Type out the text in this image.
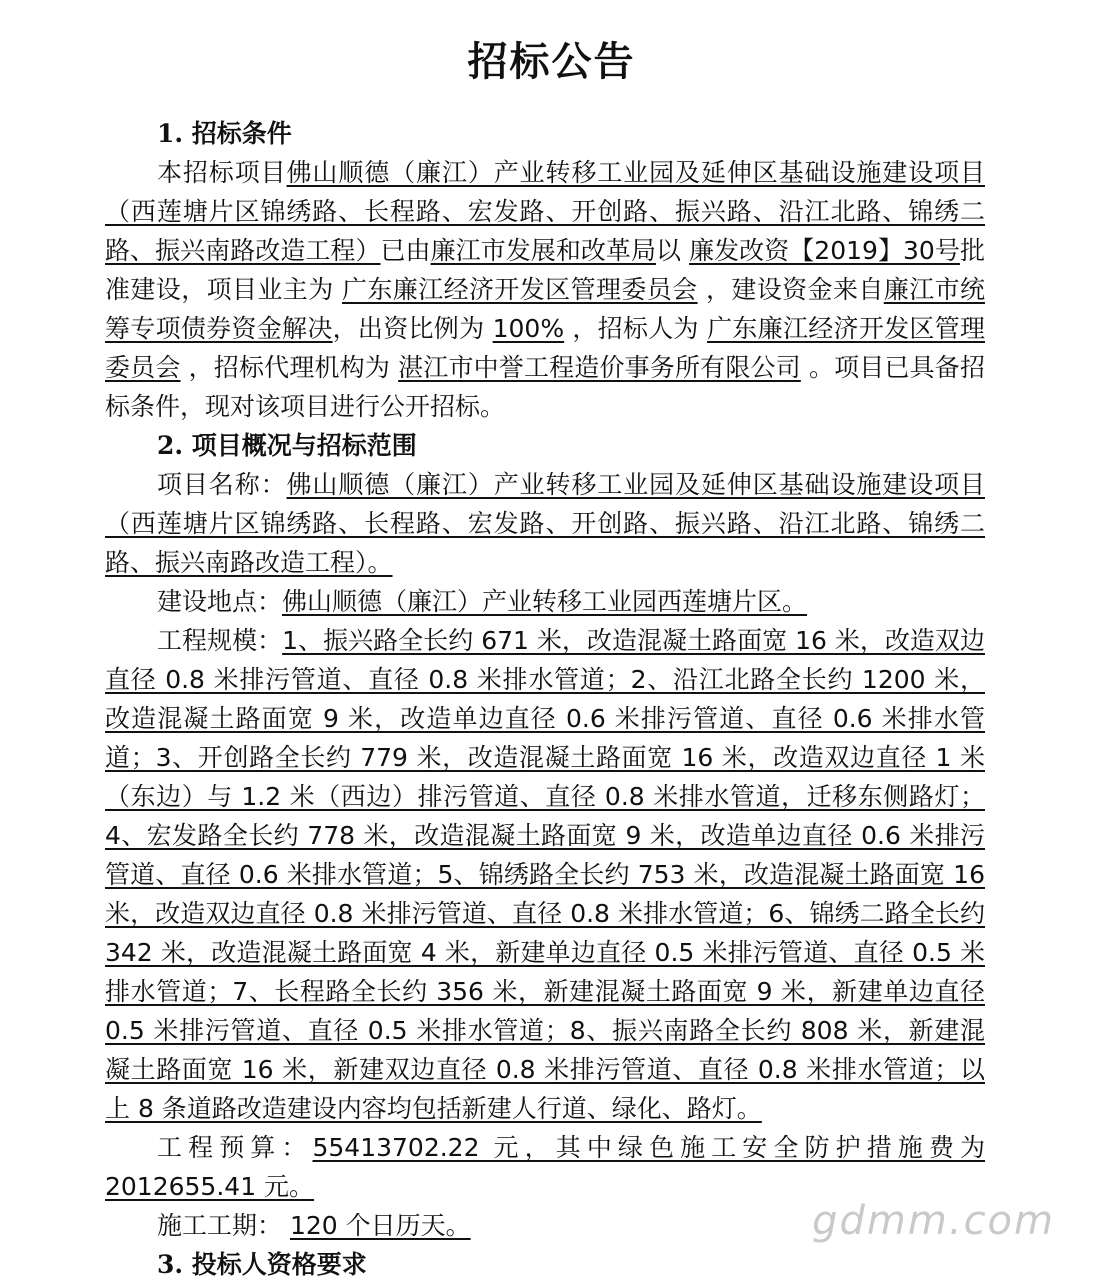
招标公告

1. 招标条件

本招标项目佛山顺德（廉江）产业转移工业园及延伸区基础设施建设项目（西莲塘片区锦绣路、长程路、宏发路、开创路、振兴路、沿江北路、锦绣二路、振兴南路改造工程）已由廉江市发展和改革局以 廉发改资【2019】30号批准建设，项目业主为 广东廉江经济开发区管理委员会 ，建设资金来自廉江市统筹专项债券资金解决，出资比例为 100% ，招标人为 广东廉江经济开发区管理委员会 ，招标代理机构为 湛江市中誉工程造价事务所有限公司 。项目已具备招标条件，现对该项目进行公开招标。

2. 项目概况与招标范围

项目名称：佛山顺德（廉江）产业转移工业园及延伸区基础设施建设项目（西莲塘片区锦绣路、长程路、宏发路、开创路、振兴路、沿江北路、锦绣二路、振兴南路改造工程）。

建设地点：佛山顺德（廉江）产业转移工业园西莲塘片区。

工程规模：1、振兴路全长约 671 米，改造混凝土路面宽 16 米，改造双边直径 0.8 米排污管道、直径 0.8 米排水管道；2、沿江北路全长约 1200 米，改造混凝土路面宽 9 米，改造单边直径 0.6 米排污管道、直径 0.6 米排水管道；3、开创路全长约 779 米，改造混凝土路面宽 16 米，改造双边直径 1 米（东边）与 1.2 米（西边）排污管道、直径 0.8 米排水管道，迁移东侧路灯；4、宏发路全长约 778 米，改造混凝土路面宽 9 米，改造单边直径 0.6 米排污管道、直径 0.6 米排水管道；5、锦绣路全长约 753 米，改造混凝土路面宽 16 米，改造双边直径 0.8 米排污管道、直径 0.8 米排水管道；6、锦绣二路全长约 342 米，改造混凝土路面宽 4 米，新建单边直径 0.5 米排污管道、直径 0.5 米排水管道；7、长程路全长约 356 米，新建混凝土路面宽 9 米，新建单边直径 0.5 米排污管道、直径 0.5 米排水管道；8、振兴南路全长约 808 米，新建混凝土路面宽 16 米，新建双边直径 0.8 米排污管道、直径 0.8 米排水管道；以上 8 条道路改造建设内容均包括新建人行道、绿化、路灯。

工程预算：55413702.22 元，其中绿色施工安全防护措施费为 2012655.41 元。

施工工期： 120 个日历天。

3. 投标人资格要求

gdmm.com
